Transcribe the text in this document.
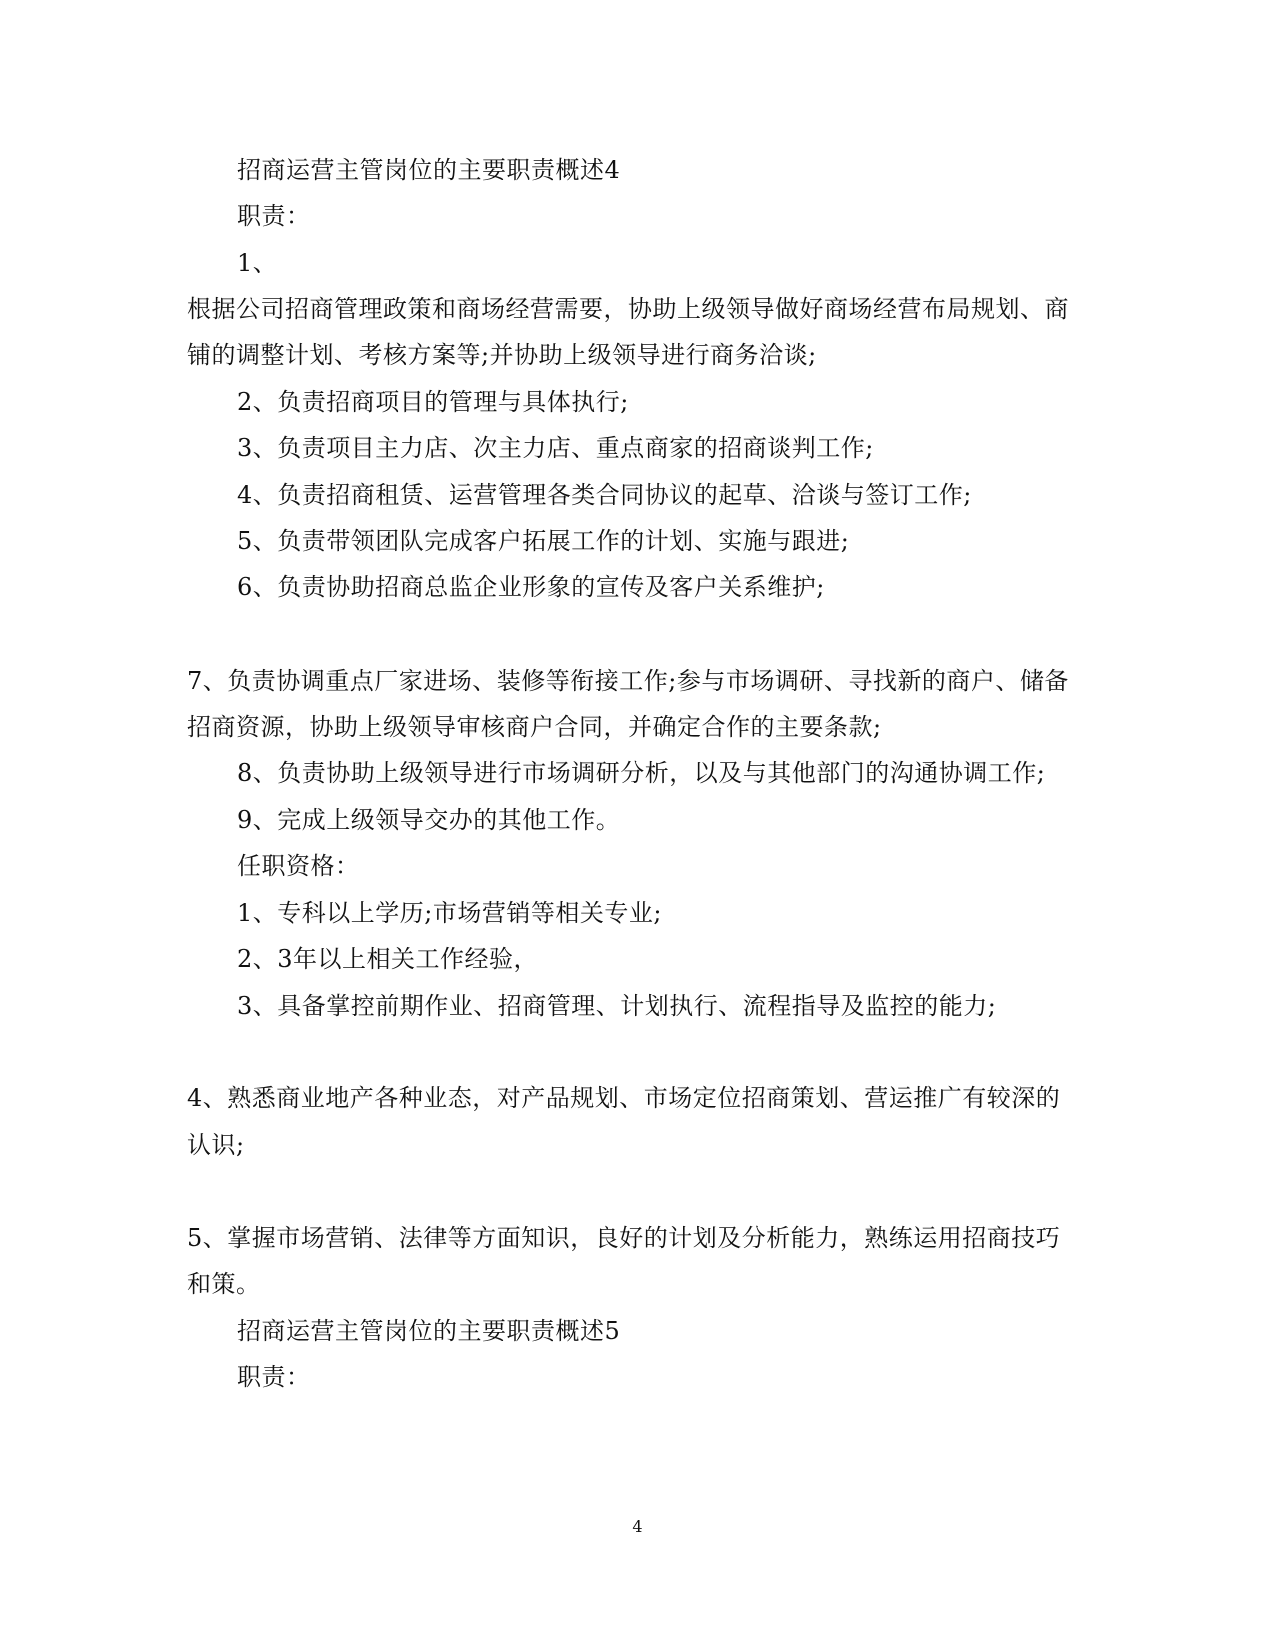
招商运营主管岗位的主要职责概述4
职责：
1、
根据公司招商管理政策和商场经营需要，协助上级领导做好商场经营布局规划、商
铺的调整计划、考核方案等;并协助上级领导进行商务洽谈;
2、负责招商项目的管理与具体执行;
3、负责项目主力店、次主力店、重点商家的招商谈判工作;
4、负责招商租赁、运营管理各类合同协议的起草、洽谈与签订工作;
5、负责带领团队完成客户拓展工作的计划、实施与跟进;
6、负责协助招商总监企业形象的宣传及客户关系维护;
7、负责协调重点厂家进场、装修等衔接工作;参与市场调研、寻找新的商户、储备
招商资源，协助上级领导审核商户合同，并确定合作的主要条款;
8、负责协助上级领导进行市场调研分析，以及与其他部门的沟通协调工作;
9、完成上级领导交办的其他工作。
任职资格：
1、专科以上学历;市场营销等相关专业;
2、3年以上相关工作经验，
3、具备掌控前期作业、招商管理、计划执行、流程指导及监控的能力;
4、熟悉商业地产各种业态，对产品规划、市场定位招商策划、营运推广有较深的
认识;
5、掌握市场营销、法律等方面知识，良好的计划及分析能力，熟练运用招商技巧
和策。
招商运营主管岗位的主要职责概述5
职责：
4
